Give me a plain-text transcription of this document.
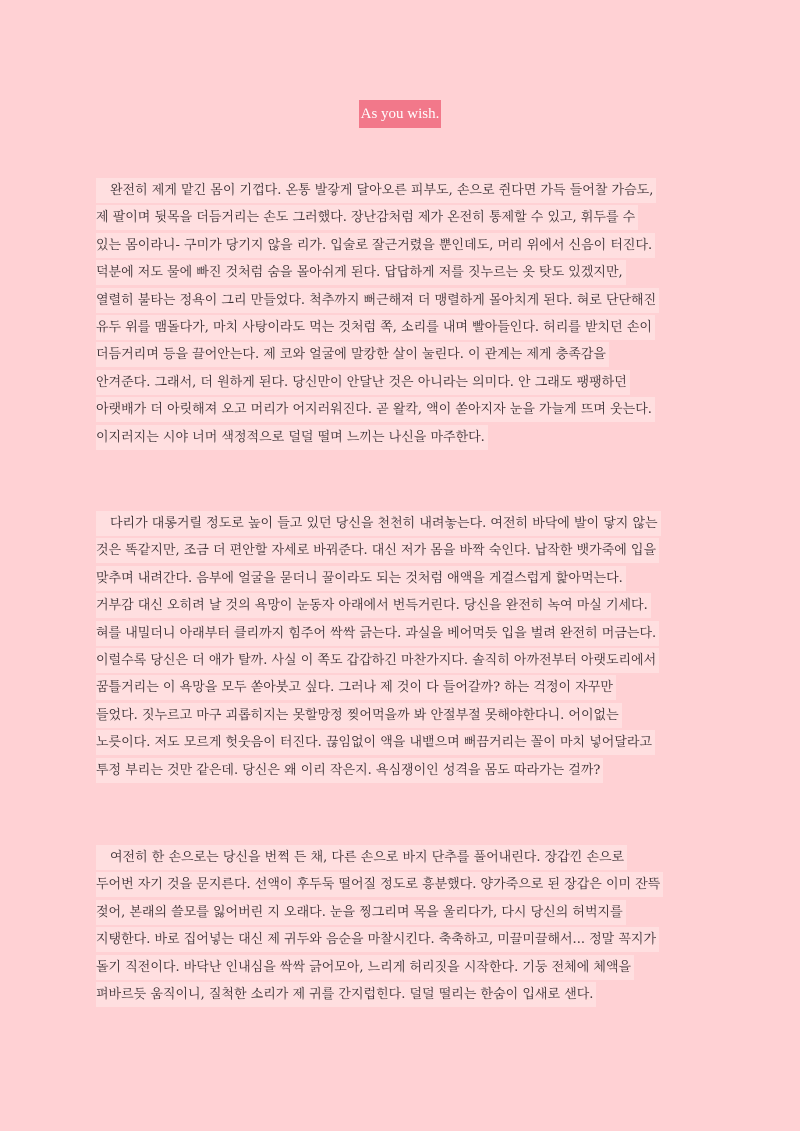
As you wish.
완전히 제게 맡긴 몸이 기껍다. 온통 발갛게 달아오른 피부도, 손으로 쥔다면 가득 들어찰 가슴도,
제 팔이며 뒷목을 더듬거리는 손도 그러했다. 장난감처럼 제가 온전히 통제할 수 있고, 휘두를 수
있는 몸이라니- 구미가 당기지 않을 리가. 입술로 잘근거렸을 뿐인데도, 머리 위에서 신음이 터진다.
덕분에 저도 물에 빠진 것처럼 숨을 몰아쉬게 된다. 답답하게 저를 짓누르는 옷 탓도 있겠지만,
열렬히 불타는 정욕이 그리 만들었다. 척추까지 뻐근해져 더 맹렬하게 몰아치게 된다. 혀로 단단해진
유두 위를 맴돌다가, 마치 사탕이라도 먹는 것처럼 쪽, 소리를 내며 빨아들인다. 허리를 받치던 손이
더듬거리며 등을 끌어안는다. 제 코와 얼굴에 말캉한 살이 눌린다. 이 관계는 제게 충족감을
안겨준다. 그래서, 더 원하게 된다. 당신만이 안달난 것은 아니라는 의미다. 안 그래도 팽팽하던
아랫배가 더 아릿해져 오고 머리가 어지러워진다. 곧 왈칵, 액이 쏟아지자 눈을 가늘게 뜨며 웃는다.
이지러지는 시야 너머 색정적으로 덜덜 떨며 느끼는 나신을 마주한다.
다리가 대롱거릴 정도로 높이 들고 있던 당신을 천천히 내려놓는다. 여전히 바닥에 발이 닿지 않는
것은 똑같지만, 조금 더 편안할 자세로 바꿔준다. 대신 저가 몸을 바짝 숙인다. 납작한 뱃가죽에 입을
맞추며 내려간다. 음부에 얼굴을 묻더니 꿀이라도 되는 것처럼 애액을 게걸스럽게 핥아먹는다.
거부감 대신 오히려 날 것의 욕망이 눈동자 아래에서 번득거린다. 당신을 완전히 녹여 마실 기세다.
혀를 내밀더니 아래부터 클리까지 힘주어 싹싹 긁는다. 과실을 베어먹듯 입을 벌려 완전히 머금는다.
이럴수록 당신은 더 애가 탈까. 사실 이 쪽도 갑갑하긴 마찬가지다. 솔직히 아까전부터 아랫도리에서
꿈틀거리는 이 욕망을 모두 쏟아붓고 싶다. 그러나 제 것이 다 들어갈까? 하는 걱정이 자꾸만
들었다. 짓누르고 마구 괴롭히지는 못할망정 찢어먹을까 봐 안절부절 못해야한다니. 어이없는
노릇이다. 저도 모르게 헛웃음이 터진다. 끊임없이 액을 내뱉으며 뻐끔거리는 꼴이 마치 넣어달라고
투정 부리는 것만 같은데. 당신은 왜 이리 작은지. 욕심쟁이인 성격을 몸도 따라가는 걸까?
여전히 한 손으로는 당신을 번쩍 든 채, 다른 손으로 바지 단추를 풀어내린다. 장갑낀 손으로
두어번 자기 것을 문지른다. 선액이 후두둑 떨어질 정도로 흥분했다. 양가죽으로 된 장갑은 이미 잔뜩
젖어, 본래의 쓸모를 잃어버린 지 오래다. 눈을 찡그리며 목을 울리다가, 다시 당신의 허벅지를
지탱한다. 바로 집어넣는 대신 제 귀두와 음순을 마찰시킨다. 축축하고, 미끌미끌해서... 정말 꼭지가
돌기 직전이다. 바닥난 인내심을 싹싹 긁어모아, 느리게 허리짓을 시작한다. 기둥 전체에 체액을
펴바르듯 움직이니, 질척한 소리가 제 귀를 간지럽힌다. 덜덜 떨리는 한숨이 입새로 샌다.
